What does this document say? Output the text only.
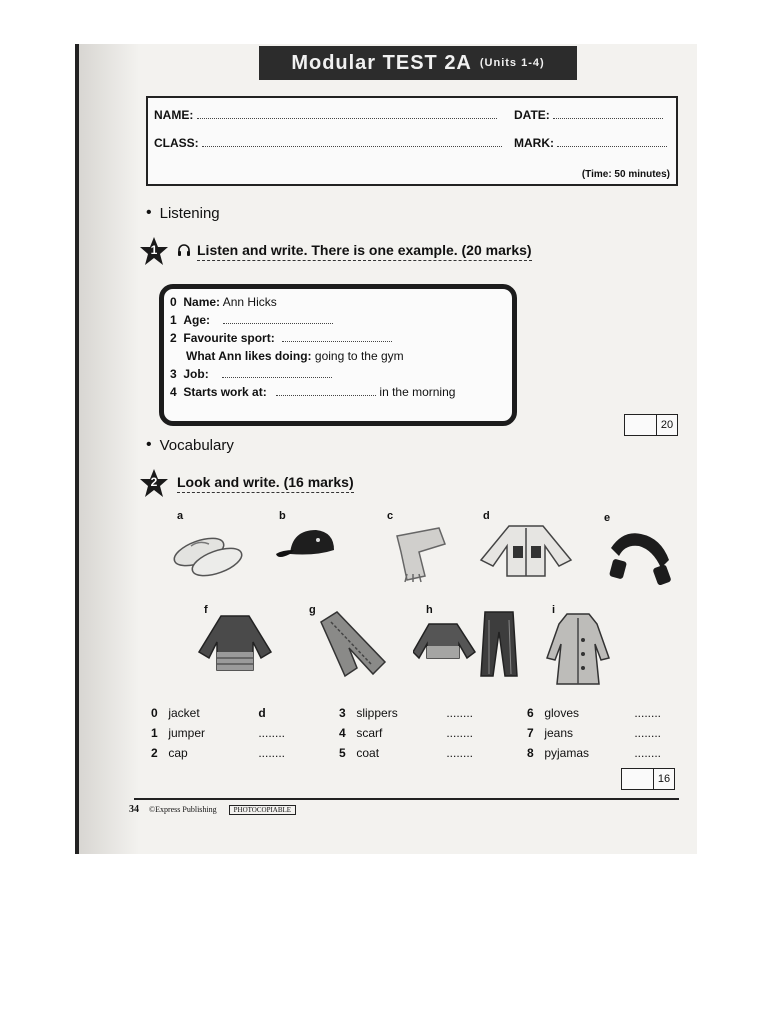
Modular TEST 2A (Units 1-4)
NAME:	DATE:
CLASS:	MARK:
(Time: 50 minutes)
• Listening
1	Listen and write. There is one example. (20 marks)
0 Name: Ann Hicks
1 Age:
2 Favourite sport:
What Ann likes doing: going to the gym
3 Job:
4 Starts work at:	in the morning
20
• Vocabulary
2	Look and write. (16 marks)
a	b	c	d	e
f	g	h	i
0 jacket	d
1 jumper	........
2 cap	........
3 slippers	........
4 scarf	........
5 coat	........
6 gloves	........
7 jeans	........
8 pyjamas	........
16
34 ©Express Publishing	PHOTOCOPIABLE
